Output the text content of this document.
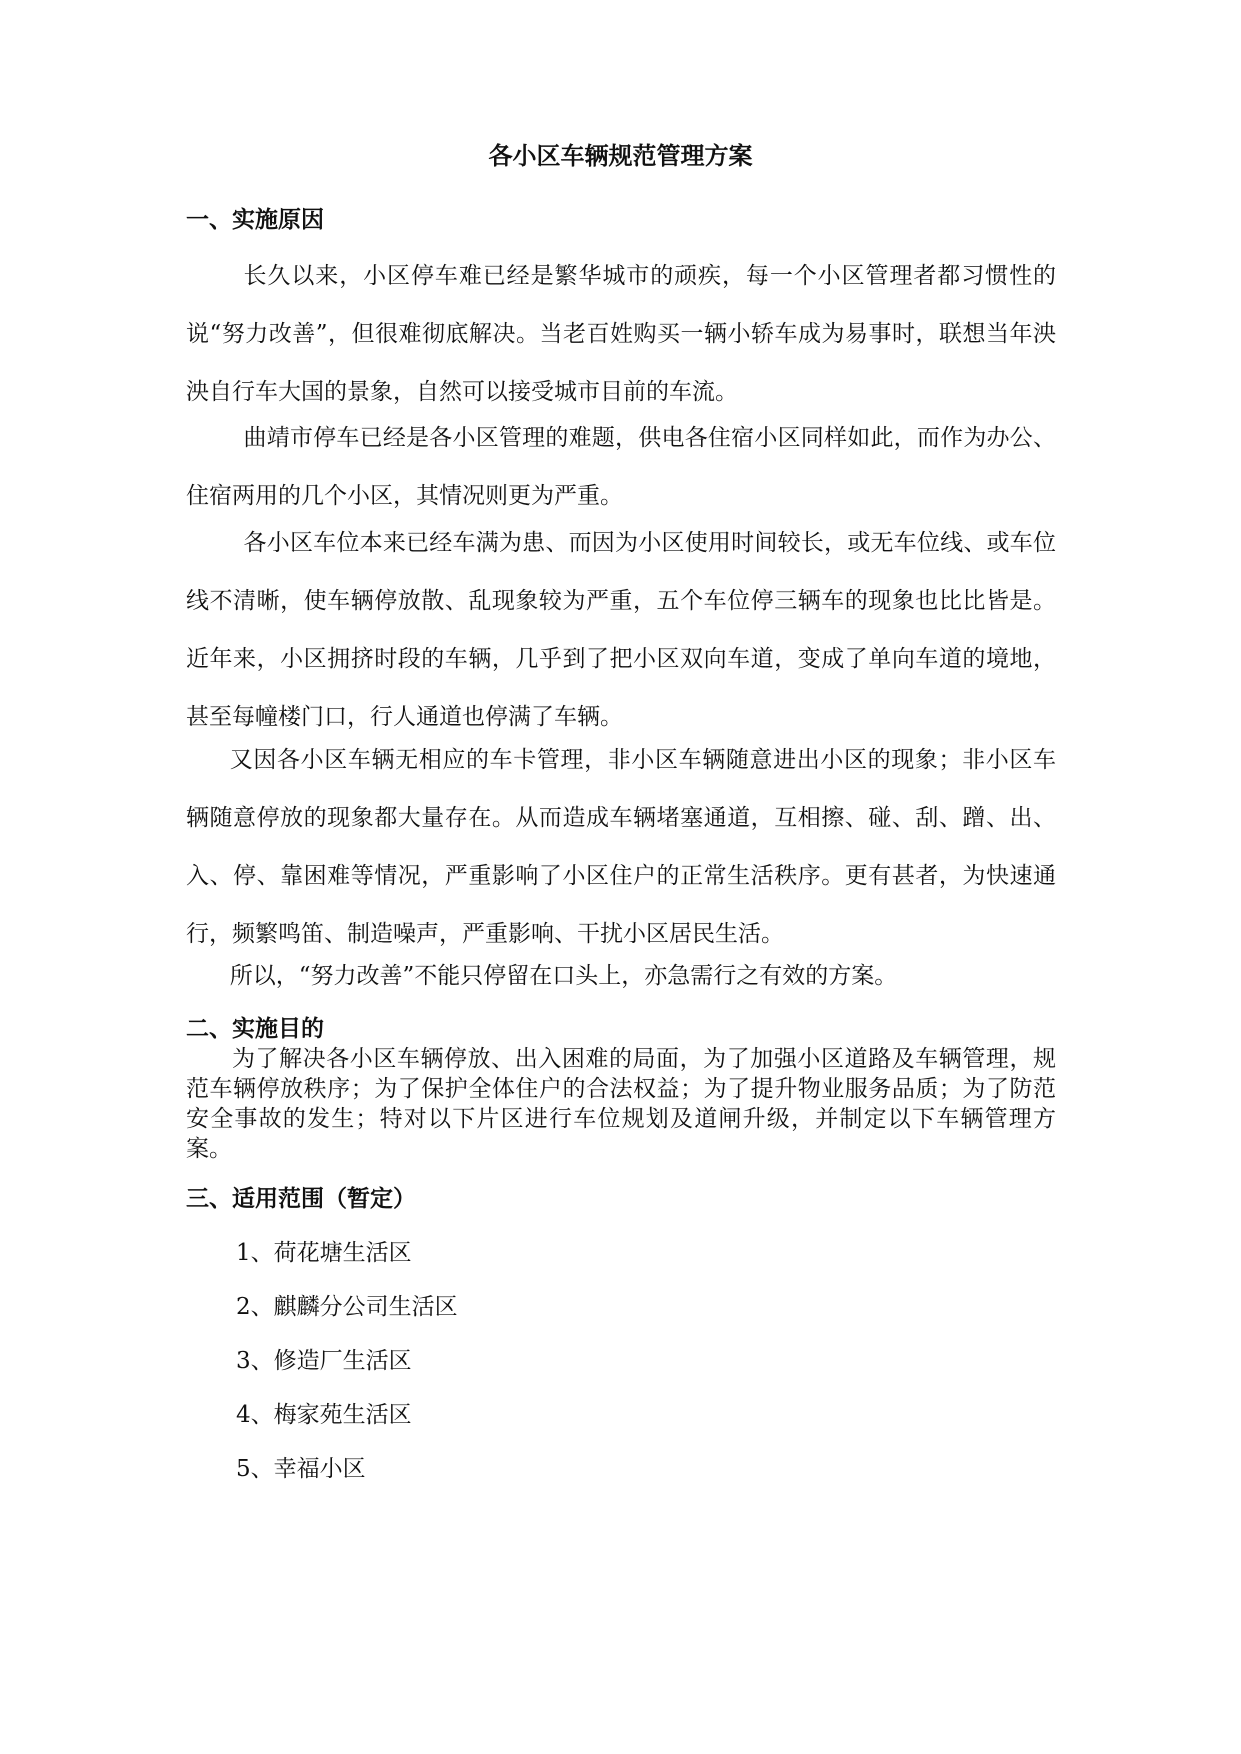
各小区车辆规范管理方案
一、实施原因

长久以来，小区停车难已经是繁华城市的顽疾，每一个小区管理者都习惯性的说“努力改善”，但很难彻底解决。当老百姓购买一辆小轿车成为易事时，联想当年泱泱自行车大国的景象，自然可以接受城市目前的车流。

曲靖市停车已经是各小区管理的难题，供电各住宿小区同样如此，而作为办公、住宿两用的几个小区，其情况则更为严重。

各小区车位本来已经车满为患、而因为小区使用时间较长，或无车位线、或车位线不清晰，使车辆停放散、乱现象较为严重，五个车位停三辆车的现象也比比皆是。近年来，小区拥挤时段的车辆，几乎到了把小区双向车道，变成了单向车道的境地，甚至每幢楼门口，行人通道也停满了车辆。

又因各小区车辆无相应的车卡管理，非小区车辆随意进出小区的现象；非小区车辆随意停放的现象都大量存在。从而造成车辆堵塞通道，互相擦、碰、刮、蹭、出、入、停、靠困难等情况，严重影响了小区住户的正常生活秩序。更有甚者，为快速通行，频繁鸣笛、制造噪声，严重影响、干扰小区居民生活。

所以，“努力改善”不能只停留在口头上，亦急需行之有效的方案。

二、实施目的

为了解决各小区车辆停放、出入困难的局面，为了加强小区道路及车辆管理，规范车辆停放秩序；为了保护全体住户的合法权益；为了提升物业服务品质；为了防范安全事故的发生；特对以下片区进行车位规划及道闸升级，并制定以下车辆管理方案。

三、适用范围（暂定）
1、荷花塘生活区
2、麒麟分公司生活区
3、修造厂生活区
4、梅家苑生活区
5、幸福小区
